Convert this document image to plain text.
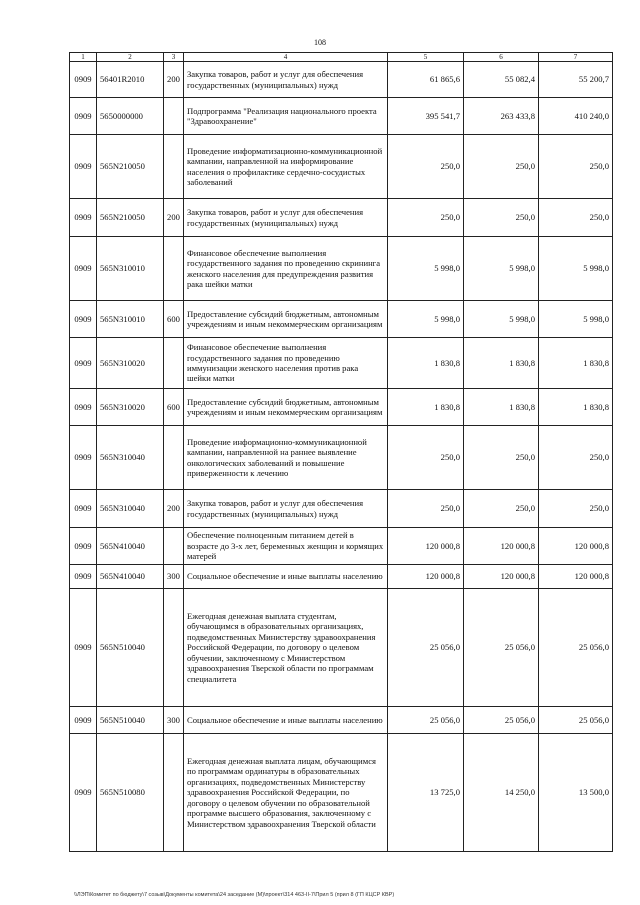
108
1	2	3	4	5	6	7
0909	56401R2010	200	Закупка товаров, работ и услуг для обеспечения государственных (муниципальных) нужд	61 865,6	55 082,4	55 200,7
0909	5650000000		Подпрограмма "Реализация национального проекта "Здравоохранение"	395 541,7	263 433,8	410 240,0
0909	565N210050		Проведение информатизационно-коммуникационной кампании, направленной на информирование населения о профилактике сердечно-сосудистых заболеваний	250,0	250,0	250,0
0909	565N210050	200	Закупка товаров, работ и услуг для обеспечения государственных (муниципальных) нужд	250,0	250,0	250,0
0909	565N310010		Финансовое обеспечение выполнения государственного задания по проведению скрининга женского населения для предупреждения развития рака шейки матки	5 998,0	5 998,0	5 998,0
0909	565N310010	600	Предоставление субсидий бюджетным, автономным учреждениям и иным некоммерческим организациям	5 998,0	5 998,0	5 998,0
0909	565N310020		Финансовое обеспечение выполнения государственного задания по проведению иммунизации женского населения против рака шейки матки	1 830,8	1 830,8	1 830,8
0909	565N310020	600	Предоставление субсидий бюджетным, автономным учреждениям и иным некоммерческим организациям	1 830,8	1 830,8	1 830,8
0909	565N310040		Проведение информационно-коммуникационной кампании, направленной на раннее выявление онкологических заболеваний и повышение приверженности к лечению	250,0	250,0	250,0
0909	565N310040	200	Закупка товаров, работ и услуг для обеспечения государственных (муниципальных) нужд	250,0	250,0	250,0
0909	565N410040		Обеспечение полноценным питанием детей в возрасте до 3-х лет, беременных женщин и кормящих матерей	120 000,8	120 000,8	120 000,8
0909	565N410040	300	Социальное обеспечение и иные выплаты населению	120 000,8	120 000,8	120 000,8
0909	565N510040		Ежегодная денежная выплата студентам, обучающимся в образовательных организациях, подведомственных Министерству здравоохранения Российской Федерации, по договору о целевом обучении, заключенному с Министерством здравоохранения Тверской области по программам специалитета	25 056,0	25 056,0	25 056,0
0909	565N510040	300	Социальное обеспечение и иные выплаты населению	25 056,0	25 056,0	25 056,0
0909	565N510080		Ежегодная денежная выплата лицам, обучающимся по программам ординатуры в образовательных организациях, подведомственных Министерству здравоохранения Российской Федерации, по договору о целевом обучении по образовательной программе высшего образования, заключенному с Министерством здравоохранения Тверской области	13 725,0	14 250,0	13 500,0
\\ЛЭП\Комитет по бюджету\7 созыв\Документы комитета\24 заседание (М)\проект\314 463-II-7\Прил 5 (прил 8 (ГП КЦСР КВР)
